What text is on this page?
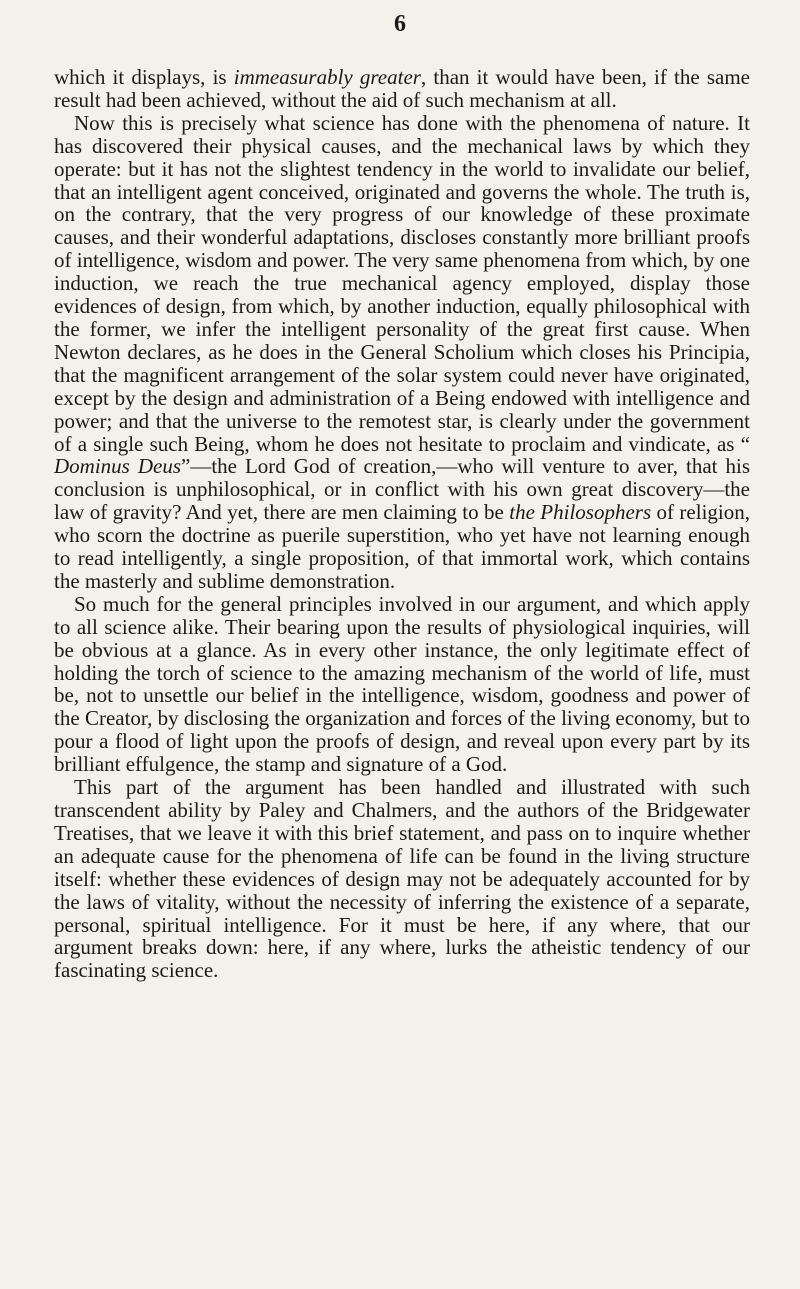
6

which it displays, is immeasurably greater, than it would have been, if the same result had been achieved, without the aid of such mechanism at all.

Now this is precisely what science has done with the phenomena of nature. It has discovered their physical causes, and the mechanical laws by which they operate: but it has not the slightest tendency in the world to invalidate our belief, that an intelligent agent conceived, originated and governs the whole. The truth is, on the contrary, that the very progress of our knowledge of these proximate causes, and their wonderful adaptations, discloses constantly more brilliant proofs of intelligence, wisdom and power. The very same phenomena from which, by one induction, we reach the true mechanical agency employed, display those evidences of design, from which, by another induction, equally philosophical with the former, we infer the intelligent personality of the great first cause. When Newton declares, as he does in the General Scholium which closes his Principia, that the magnificent arrangement of the solar system could never have originated, except by the design and administration of a Being endowed with intelligence and power; and that the universe to the remotest star, is clearly under the government of a single such Being, whom he does not hesitate to proclaim and vindicate, as “ Dominus Deus”—the Lord God of creation,—who will venture to aver, that his conclusion is unphilosophical, or in conflict with his own great discovery—the law of gravity? And yet, there are men claiming to be the Philosophers of religion, who scorn the doctrine as puerile superstition, who yet have not learning enough to read intelligently, a single proposition, of that immortal work, which contains the masterly and sublime demonstration.

So much for the general principles involved in our argument, and which apply to all science alike. Their bearing upon the results of physiological inquiries, will be obvious at a glance. As in every other instance, the only legitimate effect of holding the torch of science to the amazing mechanism of the world of life, must be, not to unsettle our belief in the intelligence, wisdom, goodness and power of the Creator, by disclosing the organization and forces of the living economy, but to pour a flood of light upon the proofs of design, and reveal upon every part by its brilliant effulgence, the stamp and signature of a God.

This part of the argument has been handled and illustrated with such transcendent ability by Paley and Chalmers, and the authors of the Bridgewater Treatises, that we leave it with this brief statement, and pass on to inquire whether an adequate cause for the phenomena of life can be found in the living structure itself: whether these evidences of design may not be adequately accounted for by the laws of vitality, without the necessity of inferring the existence of a separate, personal, spiritual intelligence. For it must be here, if any where, that our argument breaks down: here, if any where, lurks the atheistic tendency of our fascinating science.
